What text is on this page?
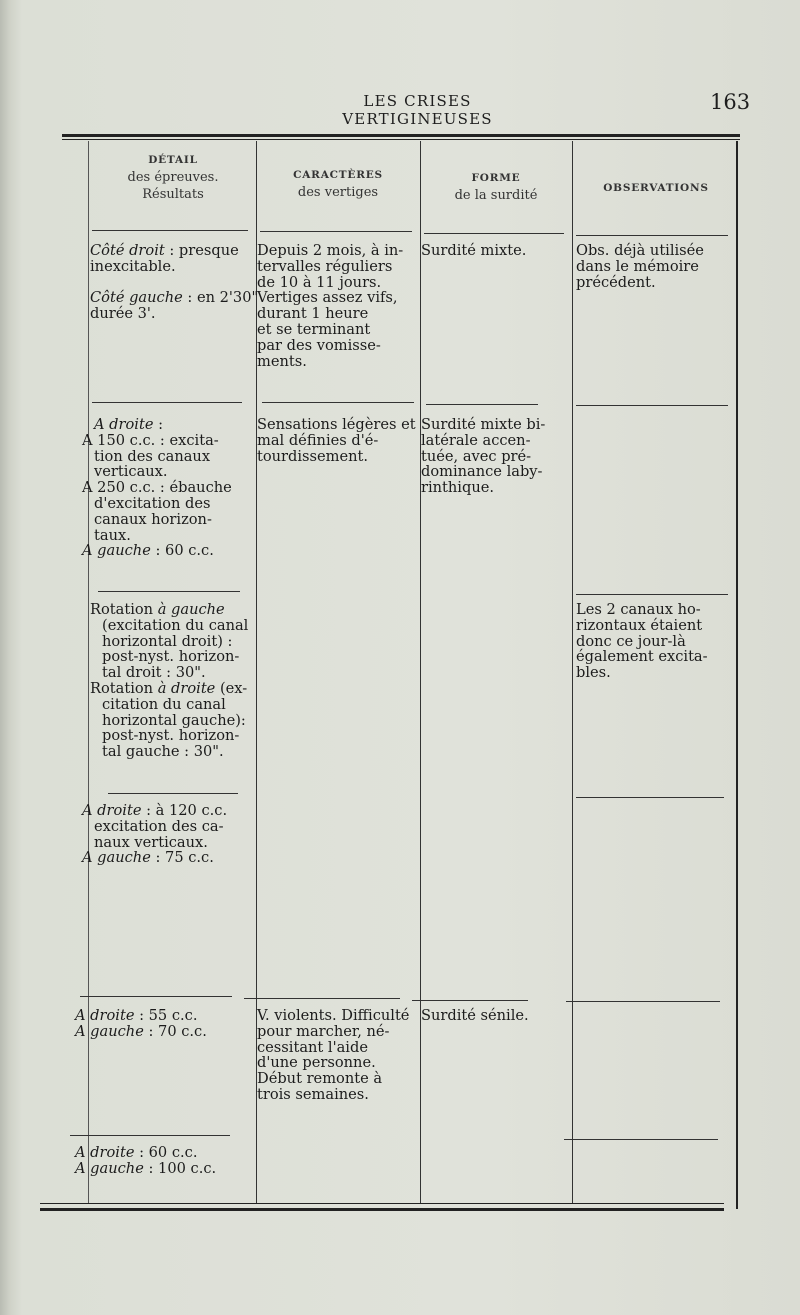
LES CRISES VERTIGINEUSES
163
DÉTAIL
des épreuves.
Résultats
CARACTÈRES
des vertiges
FORME
de la surdité	OBSERVATIONS
Côté droit : presque
inexcitable.

Côté gauche : en 2'30"
durée 3'.
Depuis 2 mois, à in-
tervalles réguliers
de 10 à 11 jours.
Vertiges assez vifs,
durant 1 heure
et se terminant
par des vomisse-
ments.
Surdité mixte.	Obs. déjà utilisée
dans le mémoire
précédent.
A droite :
A 150 c.c. : excita-
tion des canaux
verticaux.
A 250 c.c. : ébauche
d'excitation des
canaux horizon-
taux.
A gauche : 60 c.c.
Sensations légères et
mal définies d'é-
tourdissement.
Surdité mixte bi-
latérale accen-
tuée, avec pré-
dominance laby-
rinthique.
Rotation à gauche
(excitation du canal
horizontal droit) :
post-nyst. horizon-
tal droit : 30".
Rotation à droite (ex-
citation du canal
horizontal gauche):
post-nyst. horizon-
tal gauche : 30".
Les 2 canaux ho-
rizontaux étaient
donc ce jour-là
également excita-
bles.
A droite : à 120 c.c.
excitation des ca-
naux verticaux.
A gauche : 75 c.c.
A droite : 55 c.c.
A gauche : 70 c.c.
V. violents. Difficulté
pour marcher, né-
cessitant l'aide
d'une personne.
Début remonte à
trois semaines.
Surdité sénile.
A droite : 60 c.c.
A gauche : 100 c.c.
